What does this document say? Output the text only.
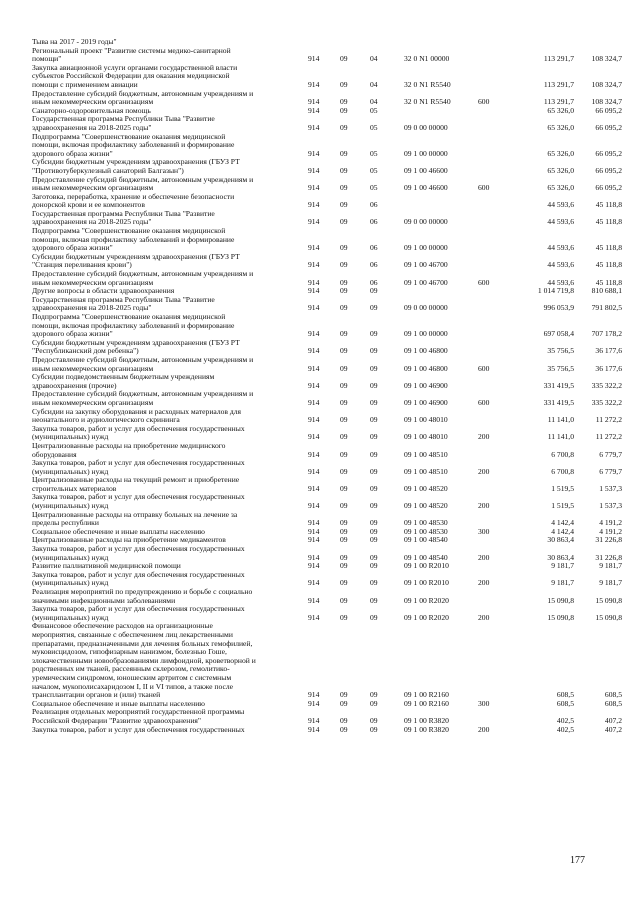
Тыва на 2017 - 2019 годы"
Региональный проект "Развитие системы медико-санитарной
помощи"	914	09	04	32 0 N1 00000	113 291,7	108 324,7
Закупка авиационной услуги органами государственной власти
субъектов Российской Федерации для оказания медицинской
помощи с применением авиации	914	09	04	32 0 N1 R5540	113 291,7	108 324,7
Предоставление субсидий бюджетным, автономным учреждениям и
иным некоммерческим организациям	914	09	04	32 0 N1 R5540	600	113 291,7	108 324,7
Санаторно-оздоровительная помощь	914	09	05	65 326,0	66 095,2
Государственная программа Республики Тыва "Развитие
здравоохранения на 2018-2025 годы"	914	09	05	09 0 00 00000	65 326,0	66 095,2
Подпрограмма "Совершенствование оказания медицинской
помощи, включая профилактику заболеваний и формирование
здорового образа жизни"	914	09	05	09 1 00 00000	65 326,0	66 095,2
Субсидии бюджетным учреждениям здравоохранения (ГБУЗ РТ
"Противотуберкулезный санаторий Балгазын")	914	09	05	09 1 00 46600	65 326,0	66 095,2
Предоставление субсидий бюджетным, автономным учреждениям и
иным некоммерческим организациям	914	09	05	09 1 00 46600	600	65 326,0	66 095,2
Заготовка, переработка, хранение и обеспечение безопасности
донорской крови и ее компонентов	914	09	06	44 593,6	45 118,8
Государственная программа Республики Тыва "Развитие
здравоохранения на 2018-2025 годы"	914	09	06	09 0 00 00000	44 593,6	45 118,8
Подпрограмма "Совершенствование оказания медицинской
помощи, включая профилактику заболеваний и формирование
здорового образа жизни"	914	09	06	09 1 00 00000	44 593,6	45 118,8
Субсидии бюджетным учреждениям здравоохранения (ГБУЗ РТ
"Станция переливания крови")	914	09	06	09 1 00 46700	44 593,6	45 118,8
Предоставление субсидий бюджетным, автономным учреждениям и
иным некоммерческим организациям	914	09	06	09 1 00 46700	600	44 593,6	45 118,8
Другие вопросы в области здравоохранения	914	09	09	1 014 719,8	810 688,1
Государственная программа Республики Тыва "Развитие
здравоохранения на 2018-2025 годы"	914	09	09	09 0 00 00000	996 053,9	791 802,5
Подпрограмма "Совершенствование оказания медицинской
помощи, включая профилактику заболеваний и формирование
здорового образа жизни"	914	09	09	09 1 00 00000	697 058,4	707 178,2
Субсидии бюджетным учреждениям здравоохранения (ГБУЗ РТ
"Республиканский дом ребенка")	914	09	09	09 1 00 46800	35 756,5	36 177,6
Предоставление субсидий бюджетным, автономным учреждениям и
иным некоммерческим организациям	914	09	09	09 1 00 46800	600	35 756,5	36 177,6
Субсидии подведомственным бюджетным учреждениям
здравоохранения (прочие)	914	09	09	09 1 00 46900	331 419,5	335 322,2
Предоставление субсидий бюджетным, автономным учреждениям и
иным некоммерческим организациям	914	09	09	09 1 00 46900	600	331 419,5	335 322,2
Субсидии на закупку оборудования и расходных материалов для
неонатального и аудиологического скрининга	914	09	09	09 1 00 48010	11 141,0	11 272,2
Закупка товаров, работ и услуг для обеспечения государственных
(муниципальных) нужд	914	09	09	09 1 00 48010	200	11 141,0	11 272,2
Централизованные расходы на приобретение медицинского
оборудования	914	09	09	09 1 00 48510	6 700,8	6 779,7
Закупка товаров, работ и услуг для обеспечения государственных
(муниципальных) нужд	914	09	09	09 1 00 48510	200	6 700,8	6 779,7
Централизованные расходы на текущий ремонт и приобретение
строительных материалов	914	09	09	09 1 00 48520	1 519,5	1 537,3
Закупка товаров, работ и услуг для обеспечения государственных
(муниципальных) нужд	914	09	09	09 1 00 48520	200	1 519,5	1 537,3
Централизованные расходы на отправку больных на лечение за
пределы республики	914	09	09	09 1 00 48530	4 142,4	4 191,2
Социальное обеспечение и иные выплаты населению	914	09	09	09 1 00 48530	300	4 142,4	4 191,2
Централизованные расходы на приобретение медикаментов	914	09	09	09 1 00 48540	30 863,4	31 226,8
Закупка товаров, работ и услуг для обеспечения государственных
(муниципальных) нужд	914	09	09	09 1 00 48540	200	30 863,4	31 226,8
Развитие паллиативной медицинской помощи	914	09	09	09 1 00 R2010	9 181,7	9 181,7
Закупка товаров, работ и услуг для обеспечения государственных
(муниципальных) нужд	914	09	09	09 1 00 R2010	200	9 181,7	9 181,7
Реализация мероприятий по предупреждению и борьбе с социально
значимыми инфекционными заболеваниями	914	09	09	09 1 00 R2020	15 090,8	15 090,8
Закупка товаров, работ и услуг для обеспечения государственных
(муниципальных) нужд	914	09	09	09 1 00 R2020	200	15 090,8	15 090,8
Финансовое обеспечение расходов на организационные
мероприятия, связанные с обеспечением лиц лекарственными
препаратами, предназначенными для лечения больных гемофилией,
муковисцидозом, гипофизарным нанизмом, болезнью Гоше,
злокачественными новообразованиями лимфоидной, кроветворной и
родственных им тканей, рассеянным склерозом, гемолитико-
уремическим синдромом, юношеским артритом с системным
началом, мукополисахаридозом I, II и VI типов, а также после
трансплантации органов и (или) тканей	914	09	09	09 1 00 R2160	608,5	608,5
Социальное обеспечение и иные выплаты населению	914	09	09	09 1 00 R2160	300	608,5	608,5
Реализация отдельных мероприятий государственной программы
Российской Федерации "Развитие здравоохранения"	914	09	09	09 1 00 R3820	402,5	407,2
Закупка товаров, работ и услуг для обеспечения государственных	914	09	09	09 1 00 R3820	200	402,5	407,2
177
